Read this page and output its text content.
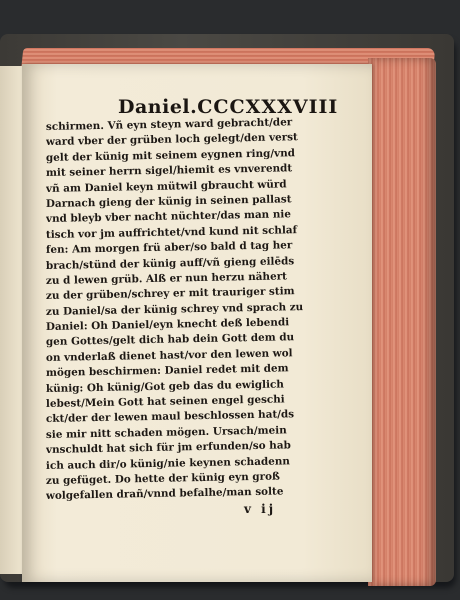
Daniel. CCCXXXVIII
schirmen. Vñ eyn steyn ward gebracht/der
ward vber der grüben loch gelegt/den verst
gelt der künig mit seinem eygnen ring/vnd
mit seiner herrn sigel/hiemit es vnverendt
vñ am Daniel keyn mütwil gbraucht würd
Darnach gieng der künig in seinen pallast
vnd bleyb vber nacht nüchter/das man nie
tisch vor jm auffrichtet/vnd kund nit schlaf
fen: Am morgen frü aber/so bald d tag her
brach/stünd der künig auff/vñ gieng eilēds
zu d lewen grüb. Alß er nun herzu nähert
zu der grüben/schrey er mit trauriger stim
zu Daniel/sa der künig schrey vnd sprach zu
Daniel: Oh Daniel/eyn knecht deß lebendi
gen Gottes/gelt dich hab dein Gott dem du
on vnderlaß dienet hast/vor den lewen wol
mögen beschirmen: Daniel redet mit dem
künig: Oh künig/Got geb das du ewiglich
lebest/Mein Gott hat seinen engel geschi
ckt/der der lewen maul beschlossen hat/ds
sie mir nitt schaden mögen. Ursach/mein
vnschuldt hat sich für jm erfunden/so hab
ich auch dir/o künig/nie keynen schadenn
zu gefüget. Do hette der künig eyn groß
wolgefallen drañ/vnnd befalhe/man solte
v ij
